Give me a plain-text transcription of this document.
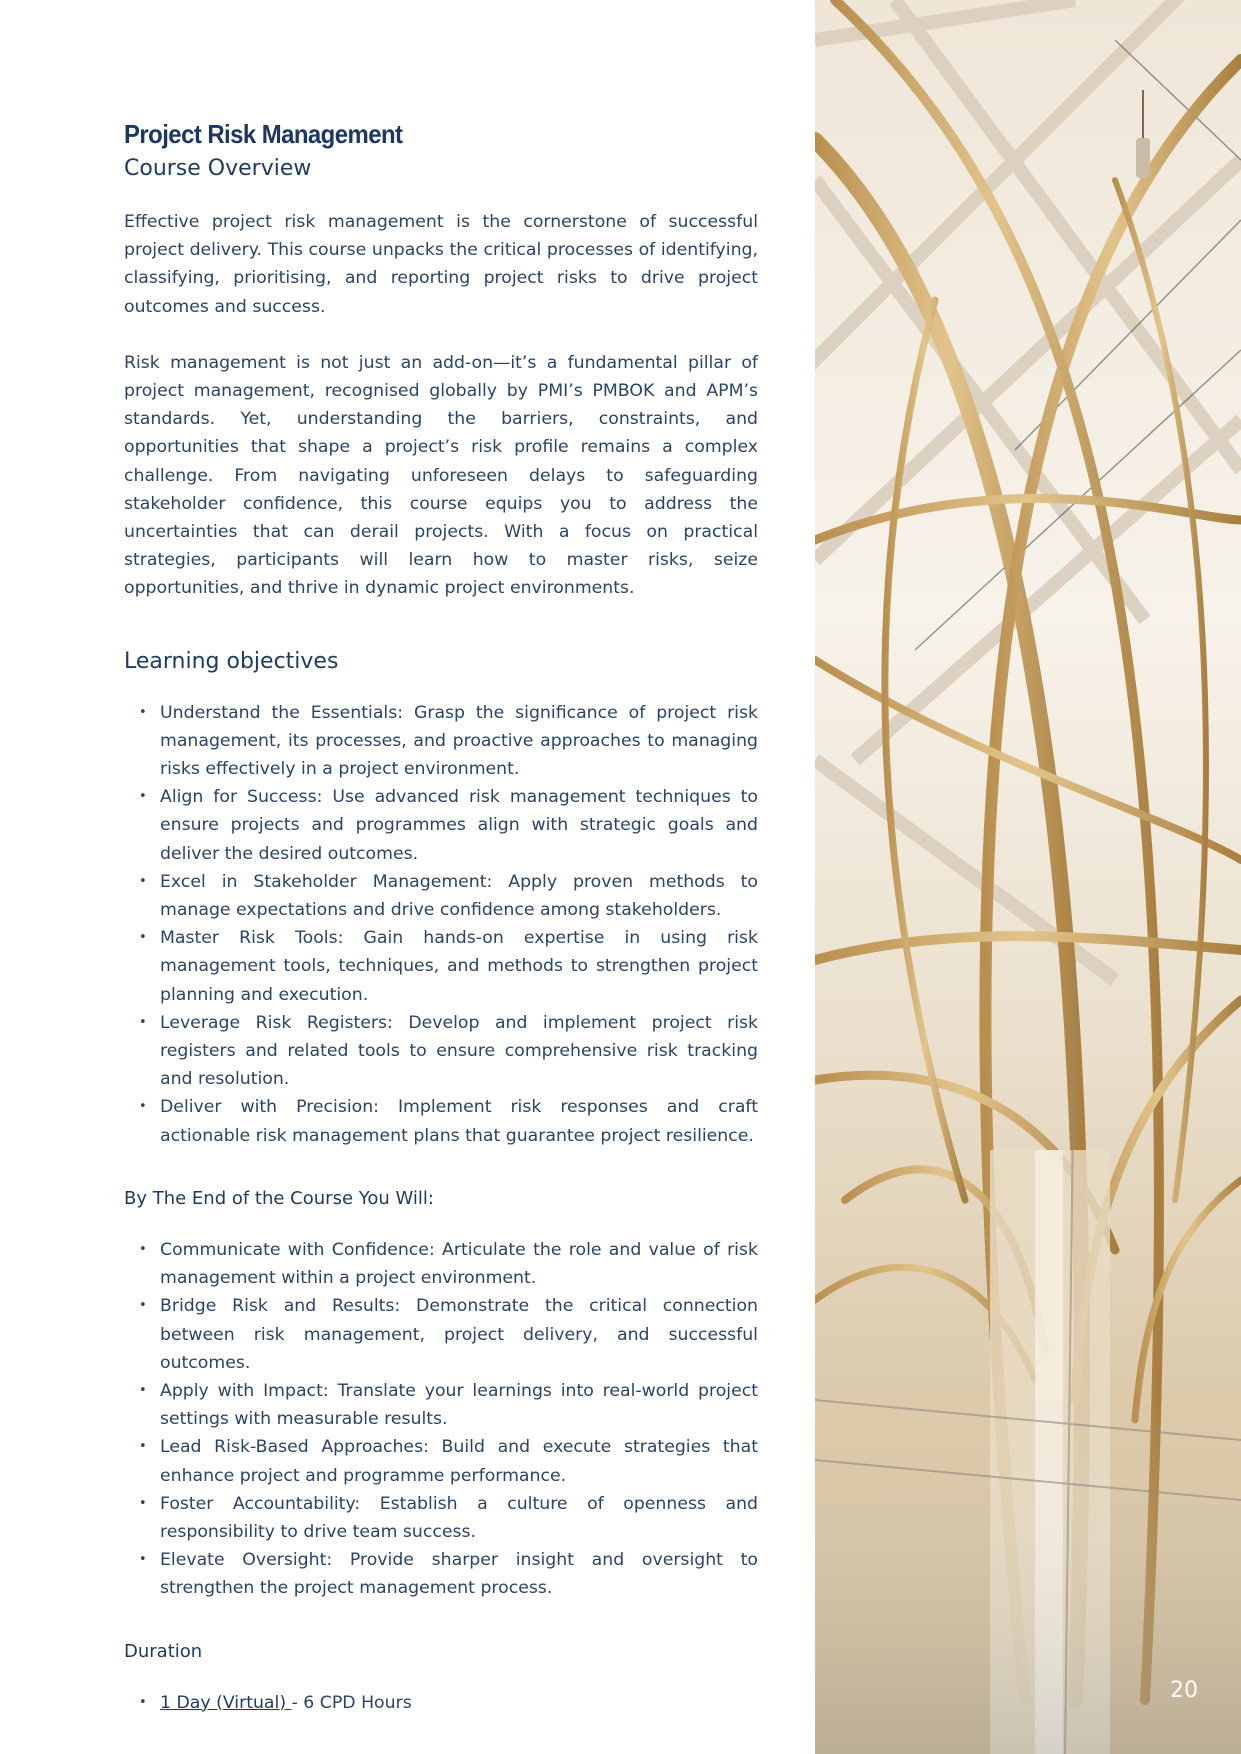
Project Risk Management
Course Overview

Effective project risk management is the cornerstone of successful project delivery. This course unpacks the critical processes of identifying, classifying, prioritising, and reporting project risks to drive project outcomes and success.

Risk management is not just an add-on—it’s a fundamental pillar of project management, recognised globally by PMI’s PMBOK and APM’s standards. Yet, understanding the barriers, constraints, and opportunities that shape a project’s risk profile remains a complex challenge. From navigating unforeseen delays to safeguarding stakeholder confidence, this course equips you to address the uncertainties that can derail projects. With a focus on practical strategies, participants will learn how to master risks, seize opportunities, and thrive in dynamic project environments.

Learning objectives
• Understand the Essentials: Grasp the significance of project risk management, its processes, and proactive approaches to managing risks effectively in a project environment.
• Align for Success: Use advanced risk management techniques to ensure projects and programmes align with strategic goals and deliver the desired outcomes.
• Excel in Stakeholder Management: Apply proven methods to manage expectations and drive confidence among stakeholders.
• Master Risk Tools: Gain hands-on expertise in using risk management tools, techniques, and methods to strengthen project planning and execution.
• Leverage Risk Registers: Develop and implement project risk registers and related tools to ensure comprehensive risk tracking and resolution.
• Deliver with Precision: Implement risk responses and craft actionable risk management plans that guarantee project resilience.
By The End of the Course You Will:
• Communicate with Confidence: Articulate the role and value of risk management within a project environment.
• Bridge Risk and Results: Demonstrate the critical connection between risk management, project delivery, and successful outcomes.
• Apply with Impact: Translate your learnings into real-world project settings with measurable results.
• Lead Risk-Based Approaches: Build and execute strategies that enhance project and programme performance.
• Foster Accountability: Establish a culture of openness and responsibility to drive team success.
• Elevate Oversight: Provide sharper insight and oversight to strengthen the project management process.
Duration
• 1 Day (Virtual) - 6 CPD Hours	20
